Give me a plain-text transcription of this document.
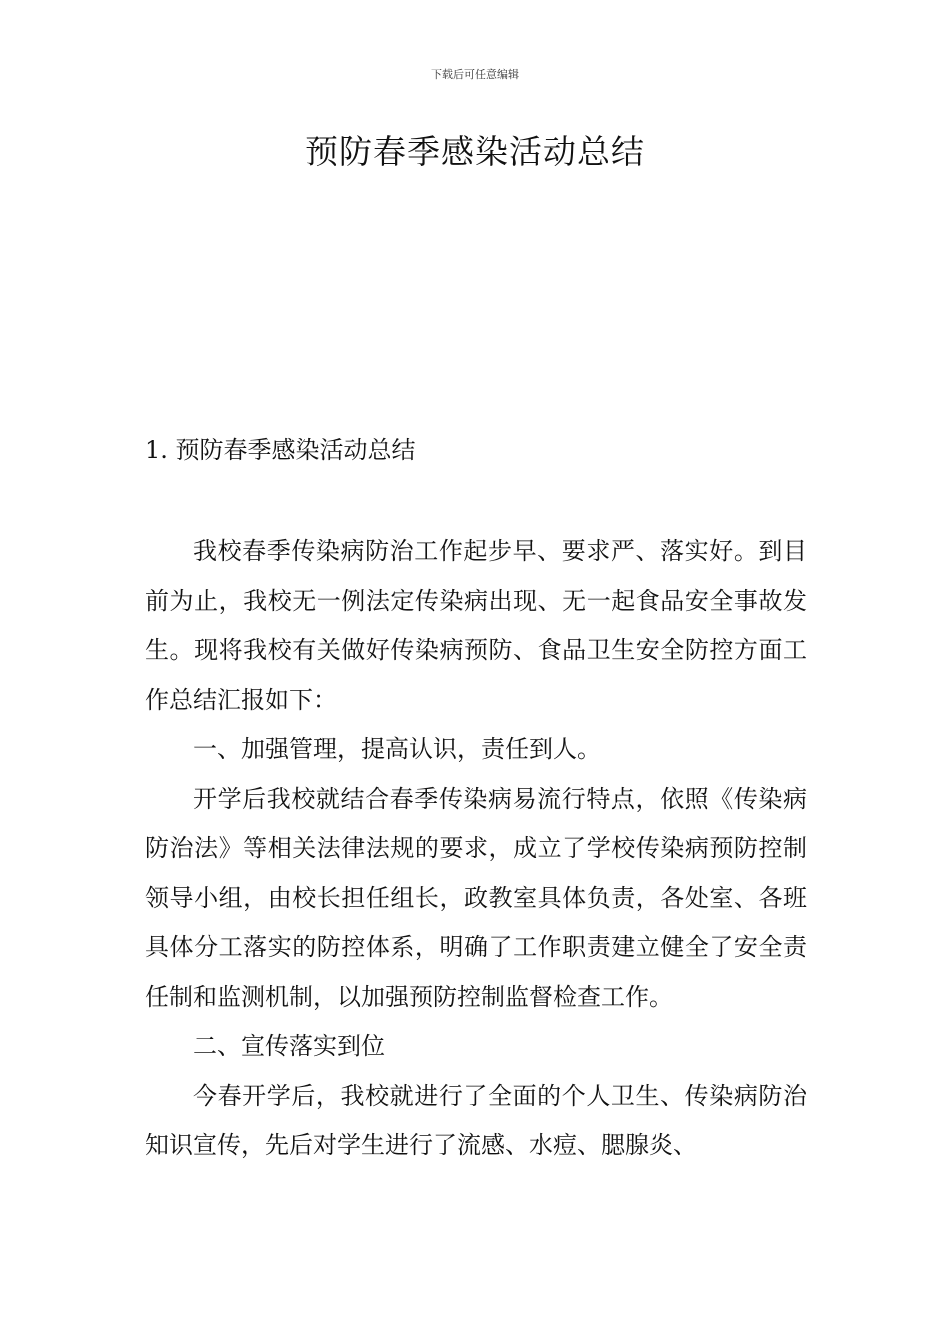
下载后可任意编辑
预防春季感染活动总结
1. 预防春季感染活动总结

我校春季传染病防治工作起步早、要求严、落实好。到目前为止，我校无一例法定传染病出现、无一起食品安全事故发生。现将我校有关做好传染病预防、食品卫生安全防控方面工作总结汇报如下：

一、加强管理，提高认识，责任到人。

开学后我校就结合春季传染病易流行特点，依照《传染病防治法》等相关法律法规的要求，成立了学校传染病预防控制领导小组，由校长担任组长，政教室具体负责，各处室、各班具体分工落实的防控体系，明确了工作职责建立健全了安全责任制和监测机制，以加强预防控制监督检查工作。

二、宣传落实到位

今春开学后，我校就进行了全面的个人卫生、传染病防治知识宣传，先后对学生进行了流感、水痘、腮腺炎、
